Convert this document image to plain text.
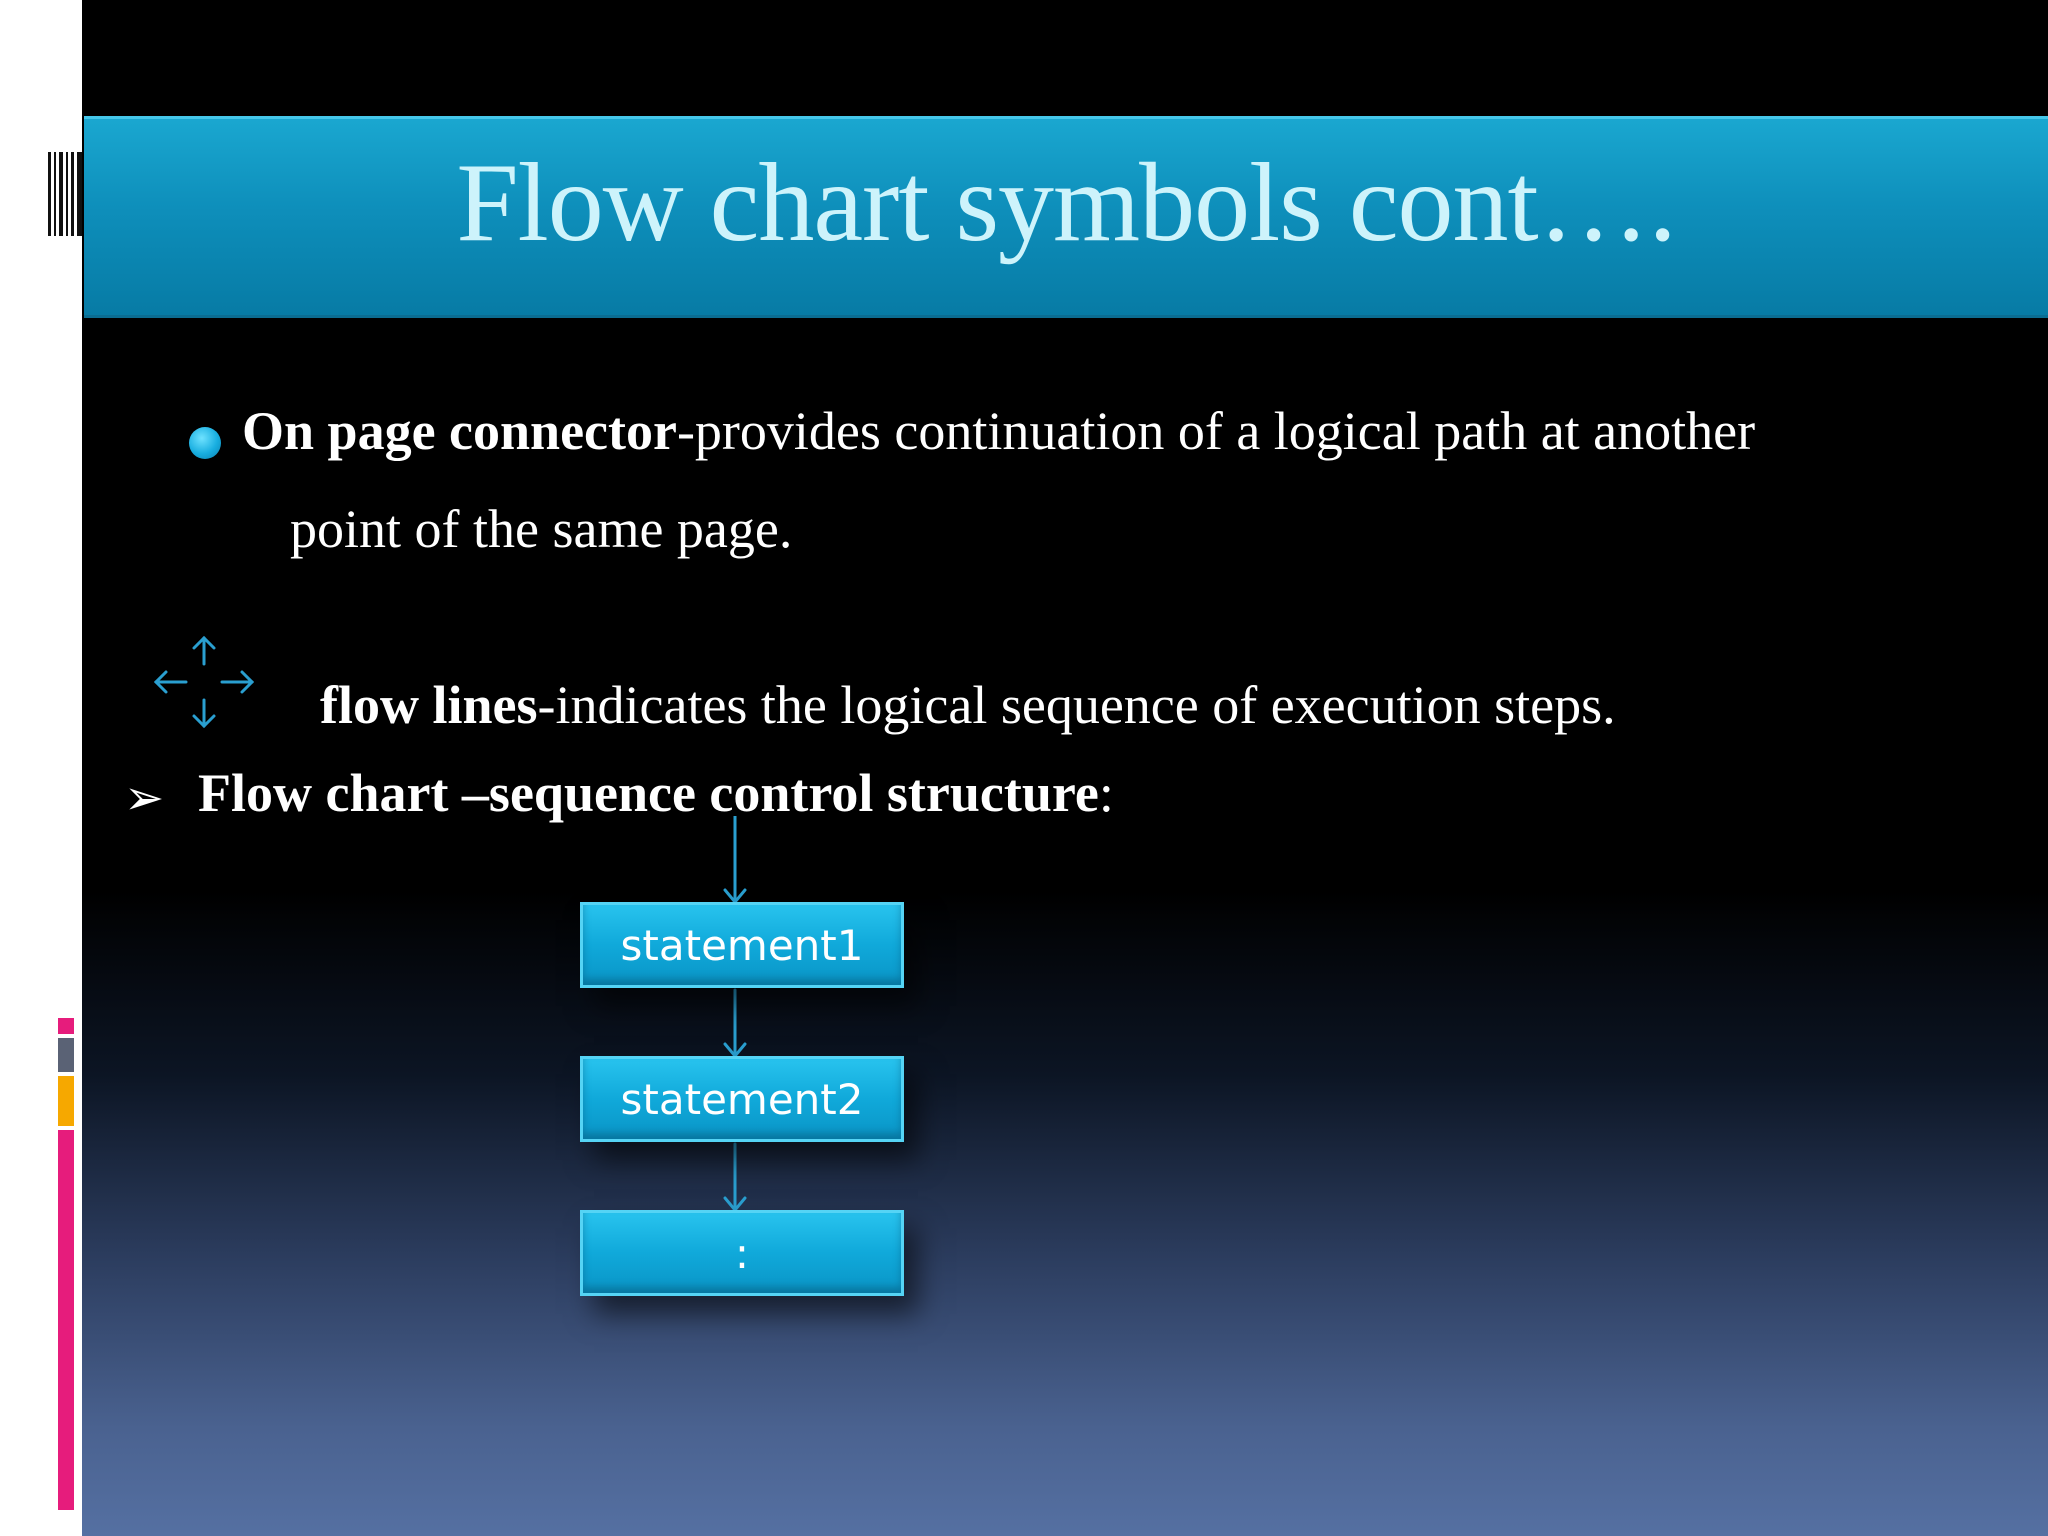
Flow chart symbols cont….
On page connector-provides continuation of a logical path at another
point of the same page.
flow lines-indicates the logical sequence of execution steps.
➢ Flow chart –sequence control structure:
statement1
statement2
:
